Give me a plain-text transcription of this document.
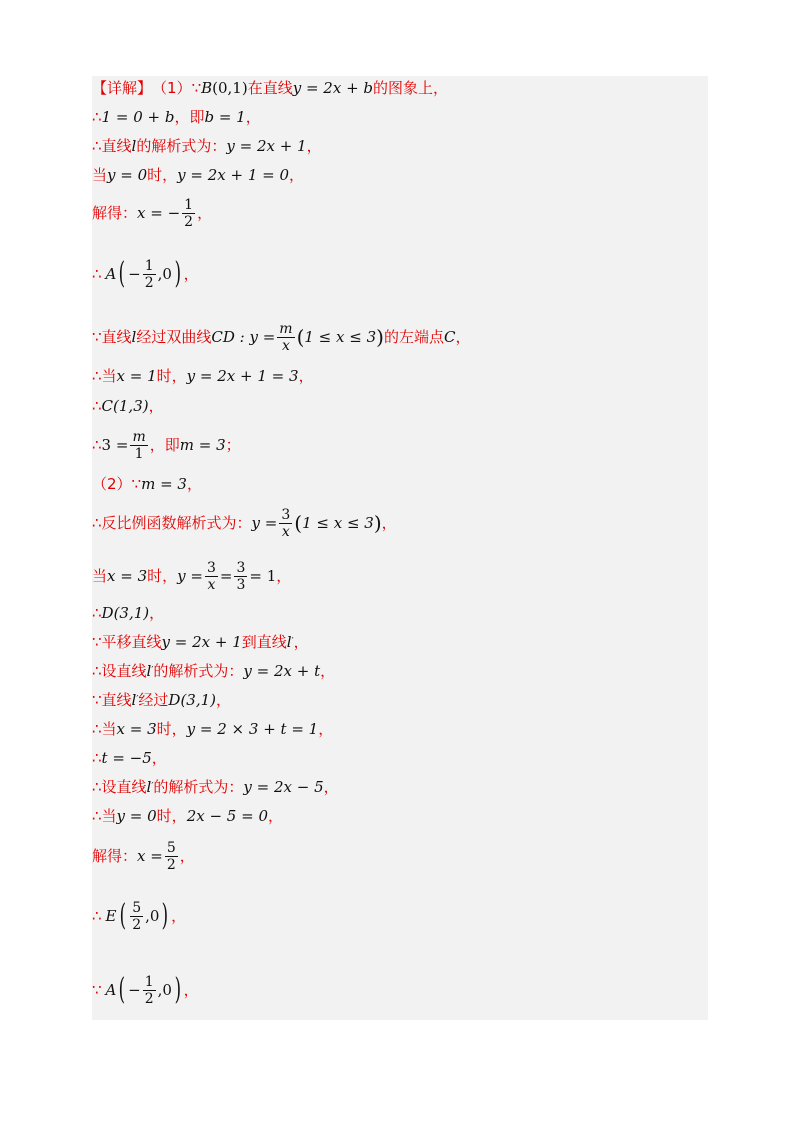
【详解】 （1） ∵ B (0,1) 在直线 y = 2x + b 的图象上，
∴ 1 = 0 + b ，即 b = 1 ，
∴直线 l 的解析式为： y = 2x + 1 ，
当 y = 0 时， y = 2x + 1 = 0 ，
解得： x = − $\frac{1}{2}$ ，
∴ A ( − $\frac{1}{2} ,0$ ) ，
∵直线 l 经过双曲线 CD : $y = \frac{m}{x}$ ( 1 ≤ x ≤ 3 ) 的左端点 C ，
∴当 x = 1 时， y = 2x + 1 = 3 ，
∴ C(1,3) ，
∴ $3 = \frac{m}{1}$ ，即 m = 3 ；
（2）∵ m = 3 ，
∴反比例函数解析式为： $y = \frac{3}{x}$ ( 1 ≤ x ≤ 3 ) ，
当 x = 3 时， $y = \frac{3}{x} = \frac{3}{3} = 1$ ，
∴ D(3,1) ，
∵平移直线 y = 2x + 1 到直线 l ′ ，
∴设直线 l ′ 的解析式为： y = 2x + t ，
∵直线 l ′ 经过 D(3,1) ，
∴当 x = 3 时， y = 2 × 3 + t = 1 ，
∴ t = −5 ，
∴设直线 l ′ 的解析式为： y = 2x − 5 ，
∴当 y = 0 时， 2x − 5 = 0 ，
解得： $x = \frac{5}{2}$ ，
∴ E ( $\frac{5}{2} ,0$ ) ，
∵ A ( − $\frac{1}{2} ,0$ ) ，
